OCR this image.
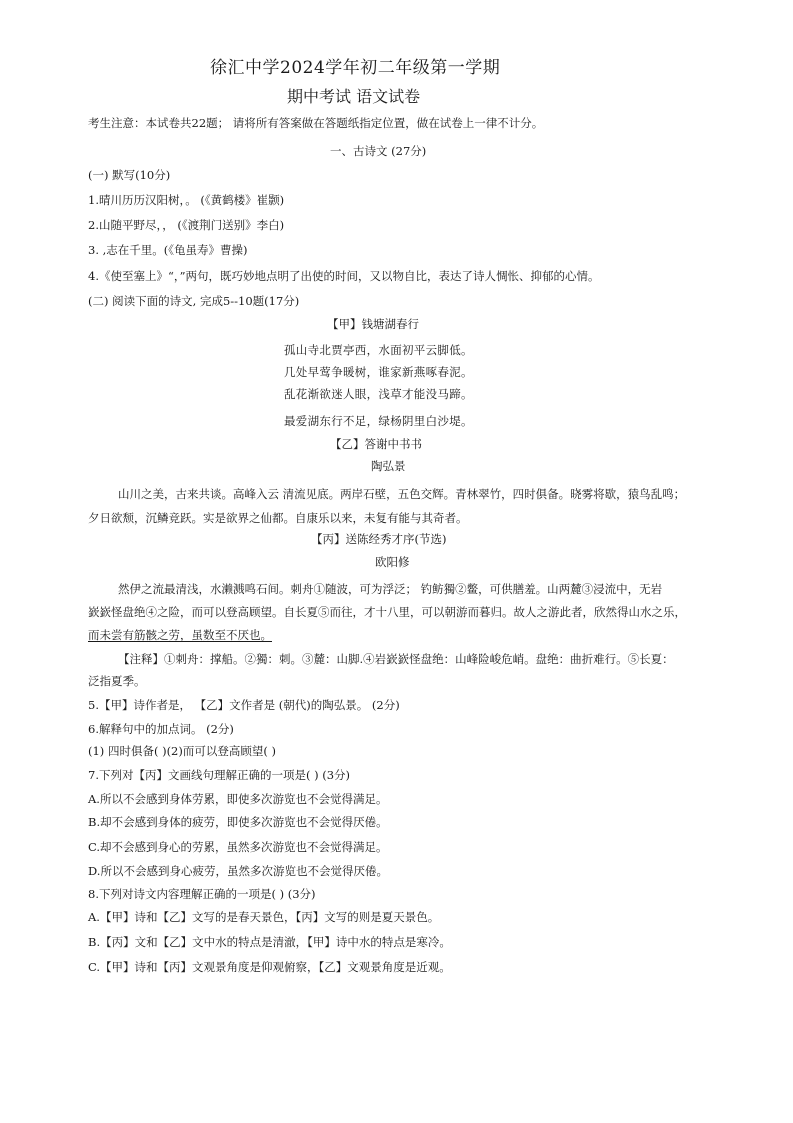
徐汇中学2024学年初二年级第一学期
期中考试 语文试卷
考生注意：本试卷共22题； 请将所有答案做在答题纸指定位置，做在试卷上一律不计分。
一、古诗文 (27分)
(一) 默写(10分)
1.晴川历历汉阳树，。 (《黄鹤楼》崔颢)
2.山随平野尽，， (《渡荆门送别》李白)
3. ,志在千里。(《龟虽寿》曹操)
4.《使至塞上》“，”两句，既巧妙地点明了出使的时间，又以物自比，表达了诗人惆怅、抑郁的心情。
(二) 阅读下面的诗文, 完成5--10题(17分)
【甲】钱塘湖春行
孤山寺北贾亭西，水面初平云脚低。
几处早莺争暖树，谁家新燕啄春泥。
乱花渐欲迷人眼，浅草才能没马蹄。
最爱湖东行不足，绿杨阴里白沙堤。
【乙】答谢中书书
陶弘景
山川之美，古来共谈。高峰入云 清流见底。两岸石壁，五色交辉。青林翠竹，四时俱备。晓雾将歇，猿鸟乱鸣；
夕日欲颓，沉鳞竞跃。实是欲界之仙都。自康乐以来，未复有能与其奇者。
【丙】送陈经秀才序(节选)
欧阳修
然伊之流最清浅，水濑溅鸣石间。刺舟①随波，可为浮泛； 钓鲂獨②鳖，可供膳羞。山两麓③浸流中，无岩
嶔嶔怪盘绝④之险，而可以登高顾望。自长夏⑤而往，才十八里，可以朝游而暮归。故人之游此者，欣然得山水之乐，
而未尝有筋骸之劳，虽数至不厌也。
【注释】①刺舟：撑船。②獨：刺。③麓：山脚.④岩嶔嶔怪盘绝：山峰险峻危峭。盘绝：曲折难行。⑤长夏：
泛指夏季。
5.【甲】诗作者是， 【乙】文作者是 (朝代)的陶弘景。 (2分)
6.解释句中的加点词。 (2分)
(1) 四时俱备( )(2)而可以登高顾望( )
7.下列对【丙】文画线句理解正确的一项是( ) (3分)
A.所以不会感到身体劳累，即使多次游览也不会觉得满足。
B.却不会感到身体的疲劳，即使多次游览也不会觉得厌倦。
C.却不会感到身心的劳累，虽然多次游览也不会觉得满足。
D.所以不会感到身心疲劳，虽然多次游览也不会觉得厌倦。
8.下列对诗文内容理解正确的一项是( ) (3分)
A.【甲】诗和【乙】文写的是春天景色，【丙】文写的则是夏天景色。
B.【丙】文和【乙】文中水的特点是清澈，【甲】诗中水的特点是寒冷。
C.【甲】诗和【丙】文观景角度是仰观俯察，【乙】文观景角度是近观。
